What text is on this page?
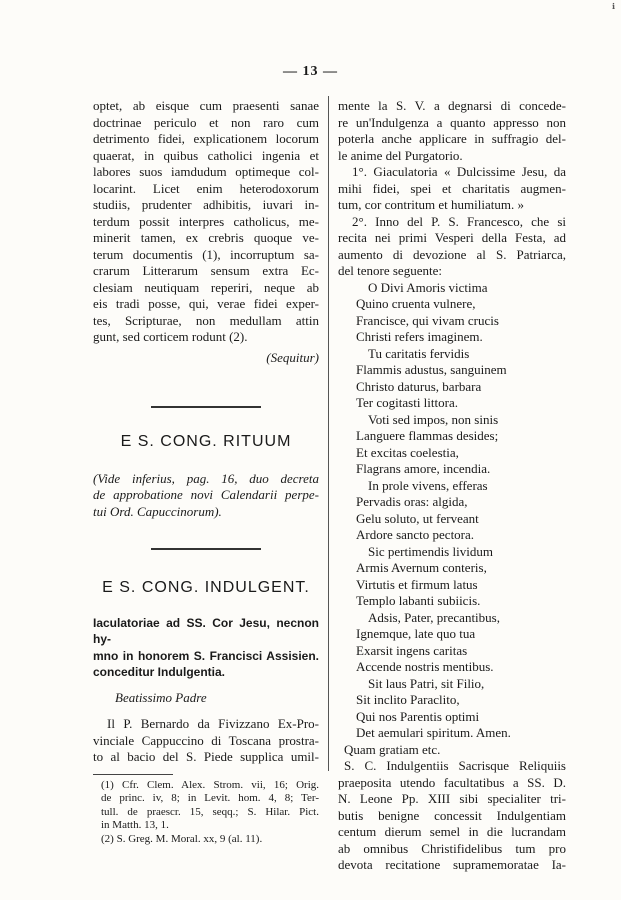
ℹ
— 13 —

optet, ab eisque cum praesenti sanae

doctrinae periculo et non raro cum

detrimento fidei, explicationem locorum

quaerat, in quibus catholici ingenia et

labores suos iamdudum optimeque col-

locarint. Licet enim heterodoxorum

studiis, prudenter adhibitis, iuvari in-

terdum possit interpres catholicus, me-

minerit tamen, ex crebris quoque ve-

terum documentis (1), incorruptum sa-

crarum Litterarum sensum extra Ec-

clesiam neutiquam reperiri, neque ab

eis tradi posse, qui, verae fidei exper-

tes, Scripturae, non medullam attin

gunt, sed corticem rodunt (2).

(Sequitur)

E S. CONG. RITUUM

(Vide inferius, pag. 16, duo decreta

de approbatione novi Calendarii perpe-

tui Ord. Capuccinorum).

E S. CONG. INDULGENT.

Iaculatoriae ad SS. Cor Jesu, necnon hy-

mno in honorem S. Francisci Assisien.

conceditur Indulgentia.

Beatissimo Padre

Il P. Bernardo da Fivizzano Ex-Pro-

vinciale Cappuccino di Toscana prostra-

to al bacio del S. Piede supplica umil-

(1) Cfr. Clem. Alex. Strom. vii, 16; Orig.

de princ. iv, 8; in Levit. hom. 4, 8; Ter-

tull. de praescr. 15, seqq.; S. Hilar. Pict.

in Matth. 13, 1.

(2) S. Greg. M. Moral. xx, 9 (al. 11).

mente la S. V. a degnarsi di concede-

re un'Indulgenza a quanto appresso non

poterla anche applicare in suffragio del-

le anime del Purgatorio.

1°. Giaculatoria « Dulcissime Jesu, da

mihi fidei, spei et charitatis augmen-

tum, cor contritum et humiliatum. »

2°. Inno del P. S. Francesco, che si

recita nei primi Vesperi della Festa, ad

aumento di devozione al S. Patriarca,

del tenore seguente:

O Divi Amoris victima

Quino cruenta vulnere,

Francisce, qui vivam crucis

Christi refers imaginem.

Tu caritatis fervidis

Flammis adustus, sanguinem

Christo daturus, barbara

Ter cogitasti littora.

Voti sed impos, non sinis

Languere flammas desides;

Et excitas coelestia,

Flagrans amore, incendia.

In prole vivens, efferas

Pervadis oras: algida,

Gelu soluto, ut ferveant

Ardore sancto pectora.

Sic pertimendis lividum

Armis Avernum conteris,

Virtutis et firmum latus

Templo labanti subiicis.

Adsis, Pater, precantibus,

Ignemque, late quo tua

Exarsit ingens caritas

Accende nostris mentibus.

Sit laus Patri, sit Filio,

Sit inclito Paraclito,

Qui nos Parentis optimi

Det aemulari spiritum. Amen.

Quam gratiam etc.

S. C. Indulgentiis Sacrisque Reliquiis

praeposita utendo facultatibus a SS. D.

N. Leone Pp. XIII sibi specialiter tri-

butis benigne concessit Indulgentiam

centum dierum semel in die lucrandam

ab omnibus Christifidelibus tum pro

devota recitatione supramemoratae Ia-
